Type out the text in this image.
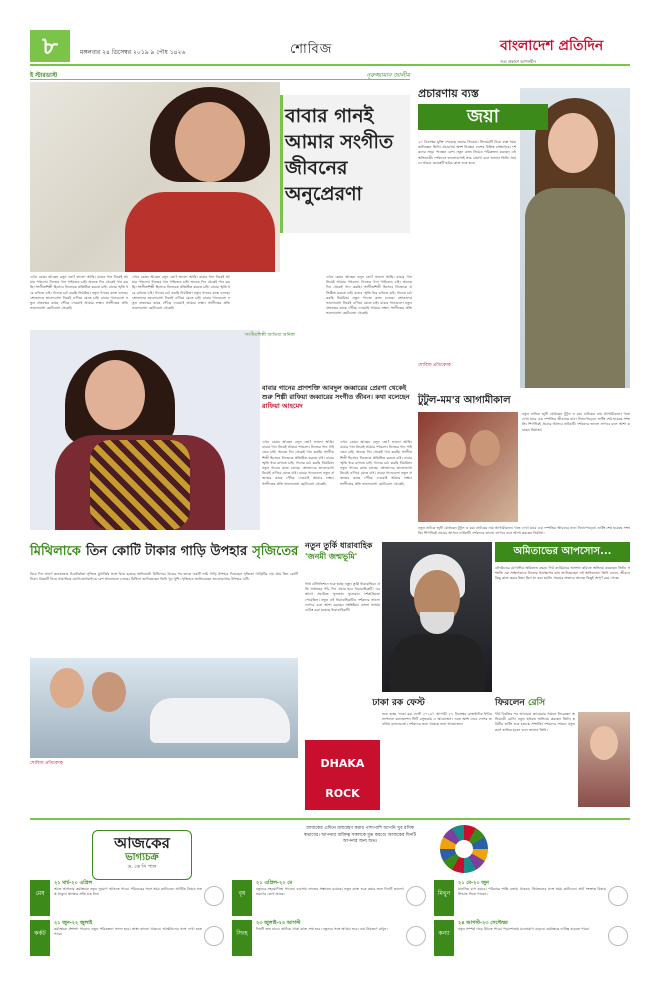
৮	মঙ্গলবার ২৪ ডিসেম্বর ২০১৯ ৯ পৌষ ১৪২৬	শোবিজ	বাংলাদেশ প্রতিদিন
সত্য প্রকাশে আপসহীন
ই স্টারডাস্ট	নূরুজ্জামান জালীম
বাবার গানই আমার সংগীত জীবনের অনুপ্রেরণা
এখন কেমন আছেন বলুন তো? ভালো আছি। বাবার গান নিয়েই আমার পথচলা। নিজের গান গাইতেও চাই। অনেক দিন থেকেই গান করছি। সংগীতশিল্পী হিসেবে নিজেকে প্রতিষ্ঠিত করতে চাই। বাবার স্মৃতি ধরে রাখতে চাই। গানের চর্চা করছি নিয়মিত। নতুন গানের কাজ চলছে। শ্রোতাদের ভালোবাসা নিয়েই এগিয়ে যেতে চাই। বাবার গানগুলো নতুন প্রজন্মের কাছে পৌঁছে দেওয়াই আমার লক্ষ্য। সংগীতের প্রতি ভালোবাসা ছোটবেলা থেকেই।
এখন কেমন আছেন বলুন তো? ভালো আছি। বাবার গান নিয়েই আমার পথচলা। নিজের গান গাইতেও চাই। অনেক দিন থেকেই গান করছি। সংগীতশিল্পী হিসেবে নিজেকে প্রতিষ্ঠিত করতে চাই। বাবার স্মৃতি ধরে রাখতে চাই। গানের চর্চা করছি নিয়মিত। নতুন গানের কাজ চলছে। শ্রোতাদের ভালোবাসা নিয়েই এগিয়ে যেতে চাই। বাবার গানগুলো নতুন প্রজন্মের কাছে পৌঁছে দেওয়াই আমার লক্ষ্য। সংগীতের প্রতি ভালোবাসা ছোটবেলা থেকেই।
সংগীতশিল্পী আতিয়া অনিকা
এখন কেমন আছেন বলুন তো? ভালো আছি। বাবার গান নিয়েই আমার পথচলা। নিজের গান গাইতেও চাই। অনেক দিন থেকেই গান করছি। সংগীতশিল্পী হিসেবে নিজেকে প্রতিষ্ঠিত করতে চাই। বাবার স্মৃতি ধরে রাখতে চাই। গানের চর্চা করছি নিয়মিত। নতুন গানের কাজ চলছে। শ্রোতাদের ভালোবাসা নিয়েই এগিয়ে যেতে চাই। বাবার গানগুলো নতুন প্রজন্মের কাছে পৌঁছে দেওয়াই আমার লক্ষ্য। সংগীতের প্রতি ভালোবাসা ছোটবেলা থেকেই।
বাবার গানের প্রাণশক্তি আবদুল জব্বারের প্রেরণা থেকেই শুরু শিল্পী রাফিয়া জব্বারের সংগীত জীবন। কথা বলেছেন রাফিয়া আহমেদ
এখন কেমন আছেন বলুন তো? ভালো আছি। বাবার গান নিয়েই আমার পথচলা। নিজের গান গাইতেও চাই। অনেক দিন থেকেই গান করছি। সংগীতশিল্পী হিসেবে নিজেকে প্রতিষ্ঠিত করতে চাই। বাবার স্মৃতি ধরে রাখতে চাই। গানের চর্চা করছি নিয়মিত। নতুন গানের কাজ চলছে। শ্রোতাদের ভালোবাসা নিয়েই এগিয়ে যেতে চাই। বাবার গানগুলো নতুন প্রজন্মের কাছে পৌঁছে দেওয়াই আমার লক্ষ্য। সংগীতের প্রতি ভালোবাসা ছোটবেলা থেকেই।
এখন কেমন আছেন বলুন তো? ভালো আছি। বাবার গান নিয়েই আমার পথচলা। নিজের গান গাইতেও চাই। অনেক দিন থেকেই গান করছি। সংগীতশিল্পী হিসেবে নিজেকে প্রতিষ্ঠিত করতে চাই। বাবার স্মৃতি ধরে রাখতে চাই। গানের চর্চা করছি নিয়মিত। নতুন গানের কাজ চলছে। শ্রোতাদের ভালোবাসা নিয়েই এগিয়ে যেতে চাই। বাবার গানগুলো নতুন প্রজন্মের কাছে পৌঁছে দেওয়াই আমার লক্ষ্য। সংগীতের প্রতি ভালোবাসা ছোটবেলা থেকেই।
প্রচারণায় ব্যস্ত
জয়া
২০ ডিসেম্বর মুক্তি পেয়েছে জয়ার সিনেমা। সিনেমাটি নিয়ে ব্যস্ত সময় কাটাচ্ছেন তিনি। প্রচারণায় অংশ নিচ্ছেন দেশের বিভিন্ন প্রেক্ষাগৃহে। দর্শকদের সাড়া পাচ্ছেন বেশ। নতুন কাজ নিয়েও পরিকল্পনা করছেন এই অভিনেত্রী। দর্শকদের ভালোবাসাই তার প্রেরণা বলে জানান তিনি। সামনে আরও কয়েকটি ছবির কাজ শুরু হবে।
শোবিজ প্রতিবেদক
টুটুল-মম'র আগামীকাল
নতুন নাটকে জুটি বেঁধেছেন টুটুল ও মম। নাটকের নাম আগামীকাল। গল্পে দেখা যাবে এক দম্পতির জীবনের নানা টানাপোড়েন। শুটিং শেষ হয়েছে সম্প্রতি। শিগগিরই প্রচারে আসবে নাটকটি। দর্শকদের ভালো লাগবে বলে আশা করছেন নির্মাতা।
নতুন নাটকে জুটি বেঁধেছেন টুটুল ও মম। নাটকের নাম আগামীকাল। গল্পে দেখা যাবে এক দম্পতির জীবনের নানা টানাপোড়েন। শুটিং শেষ হয়েছে সম্প্রতি। শিগগিরই প্রচারে আসবে নাটকটি। দর্শকদের ভালো লাগবে বলে আশা করছেন নির্মাতা।
মিথিলাকে তিন কোটি টাকার গাড়ি উপহার সৃজিতের
বিয়ে দিন আগে কলকাতার চিত্রনির্মাতা সৃজিত মুখার্জির সঙ্গে বিয়ে হয়েছে অভিনেত্রী মিথিলার। বিয়ের পর তাকে একটি দামি গাড়ি উপহার দিয়েছেন সৃজিত। গাড়িটির দাম প্রায় তিন কোটি টাকা। বিষয়টি নিয়ে সামাজিক যোগাযোগমাধ্যমে বেশ আলোচনা চলছে। মিথিলা জানিয়েছেন তিনি খুব খুশি। সৃজিতও জানিয়েছেন ভালোবাসার উপহার এটি।
শোবিজ প্রতিবেদক
নতুন তুর্কি ধারাবাহিক
'জনমী জন্মভূমি'
দীপ্ত টেলিভিশনে শুরু হচ্ছে নতুন তুর্কি ধারাবাহিক। প্রতি সপ্তাহের পাঁচ দিন প্রচার হবে ধারাবাহিকটি। এর আগে প্রচারিত সুলতান সুলেমান দর্শকপ্রিয়তা পেয়েছিল। নতুন এই ধারাবাহিকটিও দর্শকদের ভালো লাগবে বলে আশা করছেন সংশ্লিষ্টরা। বাংলা ভাষায় ডাবিং করা হয়েছে ধারাবাহিকটি।
অমিতাভের আপসোস...
বলিউডের মেগাস্টার অমিতাভ বচ্চন। দীর্ঘ ক্যারিয়ারে অসংখ্য ছবিতে অভিনয় করেছেন তিনি। সম্প্রতি এক সাক্ষাৎকারে নিজের আক্ষেপের কথা জানিয়েছেন এই অভিনেতা। তিনি বলেন, জীবনে কিছু কাজ করার ইচ্ছা ছিল যা করা হয়নি। সময়ের অভাবে অনেক কিছুই অপূর্ণ রয়ে গেছে।
ঢাকা রক ফেস্ট
DHAKA
ROCK
শুরু হচ্ছে 'ঢাকা রক ফেস্ট ২০১৯'। আগামী ২৭ ডিসেম্বর রাজধানীর ইন্টারন্যাশনাল কনভেনশন সিটি বসুন্ধরায় এ আয়োজন। এতে অংশ নেবে দেশের জনপ্রিয় ব্যান্ডগুলো। দর্শকদের জন্য থাকছে নানা আয়োজন।
ফিরলেন রেসি
দীর্ঘ বিরতির পর আবারও ক্যামেরার সামনে ফিরেছেন অভিনেত্রী রেসি। নতুন ছবিতে অভিনয় করছেন তিনি। ছবিটির শুটিং শুরু হয়েছে সম্প্রতি। দর্শকদের সামনে নতুন রূপে হাজির হবেন বলে জানান তিনি।
আজকের
ভাগ্যচক্র
ড. কে সি পাল
আজকের এদিনে জন্মগ্রহণ করার পাশাপাশি আপনি খুব রসিক স্বভাবের। আপনার ব্যক্তিত্ব সকলকে মুগ্ধ করবে। আজকের দিনটি আপনার জন্য শুভ।
মেষ
২১ মার্চ-২০ এপ্রিল
আজ আপনার কর্মক্ষেত্রে নতুন সুযোগ আসতে পারে। পরিবারের সঙ্গে সময় কাটাবেন। আর্থিক বিষয়ে সতর্ক থাকুন। স্বাস্থ্যের প্রতি যত্ন নিন।	বৃষ
২১ এপ্রিল-২০ মে
বন্ধুদের সহযোগিতা পাবেন। ব্যবসায় লাভের সম্ভাবনা রয়েছে। নতুন কাজ শুরু করার জন্য দিনটি ভালো। ভ্রমণের যোগ আছে।	মিথুন
২১ মে-২০ জুন
মানসিক চাপ কমবে। পরিবারে শান্তি বজায় থাকবে। প্রিয়জনের সঙ্গে সময় কাটাবেন। অর্থ সংক্রান্ত বিষয়ে সিদ্ধান্ত নিতে পারেন।
কর্কট
২১ জুন-২২ জুলাই
কর্মক্ষেত্রে প্রশংসা পাবেন। নতুন পরিকল্পনা সফল হবে। স্বাস্থ্য ভালো থাকবে। আত্মীয়দের সঙ্গে দেখা হতে পারে।	সিংহ
২৩ জুলাই-২৩ আগস্ট
দিনটি শুভ যাবে। আটকে থাকা কাজ শেষ হবে। বন্ধুদের সঙ্গে আড্ডা হবে। ব্যয় নিয়ন্ত্রণে রাখুন।
কন্যা
২৪ আগস্ট-২৩ সেপ্টেম্বর
নতুন সম্পর্ক গড়ে উঠতে পারে। পড়াশোনায় মনোযোগ বাড়বে। কর্মক্ষেত্রে দায়িত্ব বাড়তে পারে।
